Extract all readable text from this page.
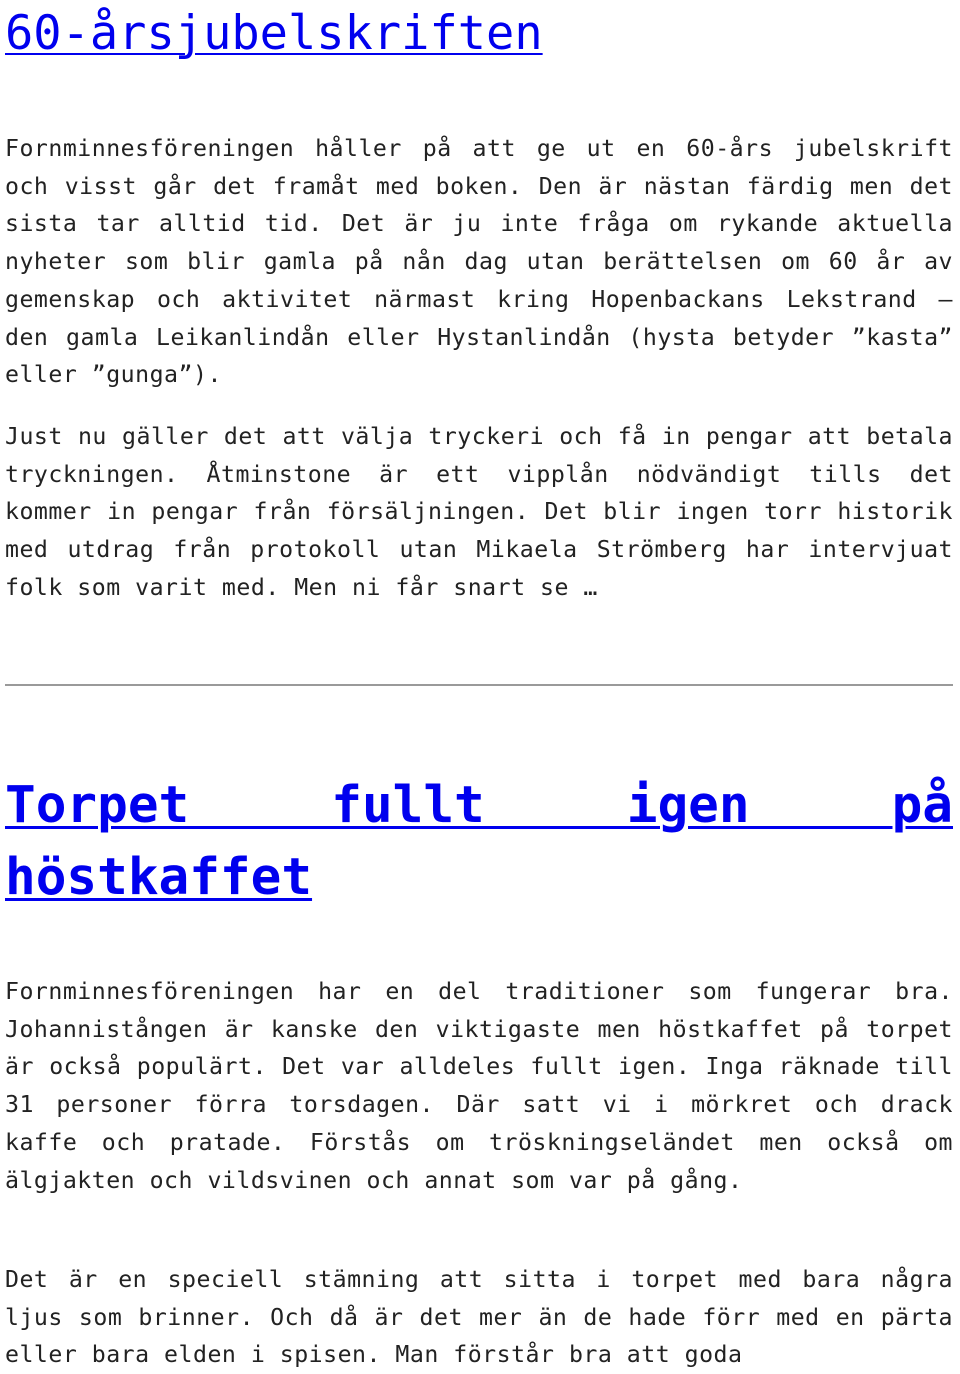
60-årsjubelskriften

Fornminnesföreningen håller på att ge ut en 60-års jubelskrift och visst går det framåt med boken. Den är nästan färdig men det sista tar alltid tid. Det är ju inte fråga om rykande aktuella nyheter som blir gamla på nån dag utan berättelsen om 60 år av gemenskap och aktivitet närmast kring Hopenbackans Lekstrand – den gamla Leikanlindån eller Hystanlindån (hysta betyder ”kasta” eller ”gunga”).

Just nu gäller det att välja tryckeri och få in pengar att betala tryckningen. Åtminstone är ett vipplån nödvändigt tills det kommer in pengar från försäljningen. Det blir ingen torr historik med utdrag från protokoll utan Mikaela Strömberg har intervjuat folk som varit med. Men ni får snart se …

Torpet fullt igen på höstkaffet

Fornminnesföreningen har en del traditioner som fungerar bra. Johannistången är kanske den viktigaste men höstkaffet på torpet är också populärt. Det var alldeles fullt igen. Inga räknade till 31 personer förra torsdagen. Där satt vi i mörkret och drack kaffe och pratade. Förstås om tröskningseländet men också om älgjakten och vildsvinen och annat som var på gång.

Det är en speciell stämning att sitta i torpet med bara några ljus som brinner. Och då är det mer än de hade förr med en pärta eller bara elden i spisen. Man förstår bra att goda
